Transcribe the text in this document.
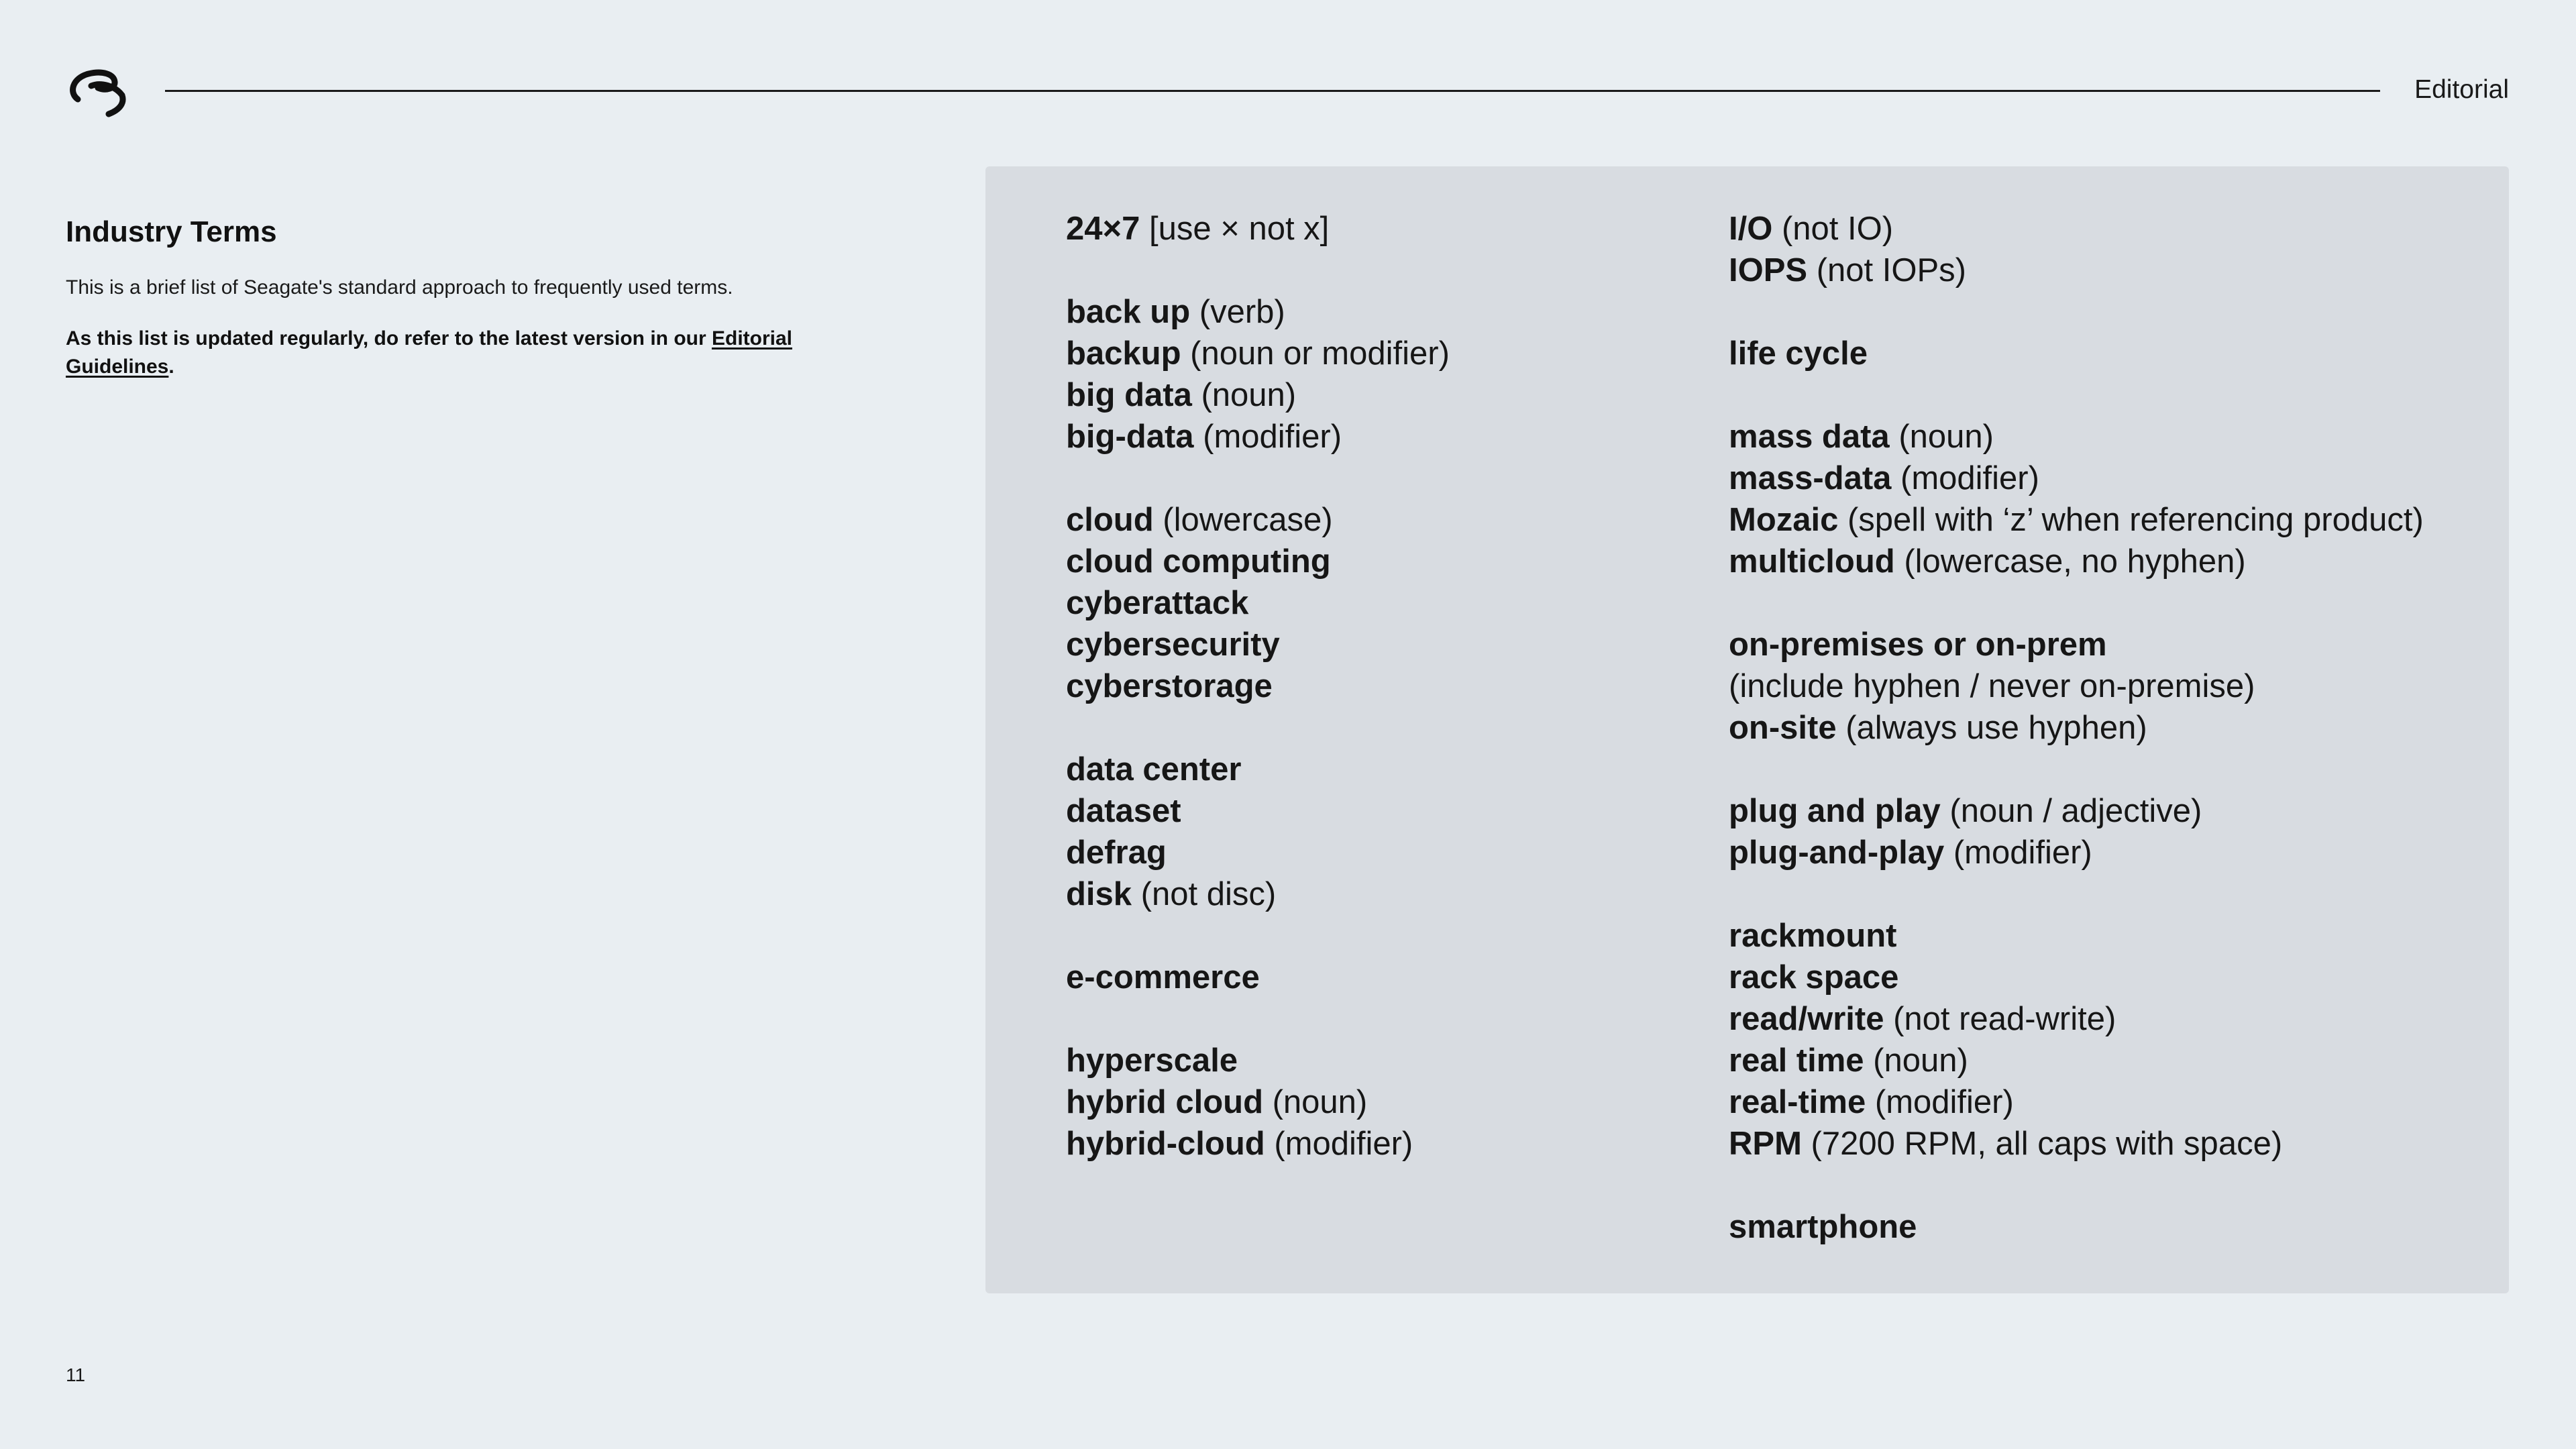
Editorial
Industry Terms

This is a brief list of Seagate's standard approach to frequently used terms.

As this list is updated regularly, do refer to the latest version in our Editorial Guidelines.

24×7 [use × not x]
back up (verb)
backup (noun or modifier)
big data (noun)
big-data (modifier)
cloud (lowercase)
cloud computing
cyberattack
cybersecurity
cyberstorage
data center
dataset
defrag
disk (not disc)
e-commerce
hyperscale
hybrid cloud (noun)
hybrid-cloud (modifier)
I/O (not IO)
IOPS (not IOPs)
life cycle
mass data (noun)
mass-data (modifier)
Mozaic (spell with ‘z’ when referencing product)
multicloud (lowercase, no hyphen)
on-premises or on-prem
(include hyphen / never on-premise)
on-site (always use hyphen)
plug and play (noun / adjective)
plug-and-play (modifier)
rackmount
rack space
read/write (not read-write)
real time (noun)
real-time (modifier)
RPM (7200 RPM, all caps with space)
smartphone
11
